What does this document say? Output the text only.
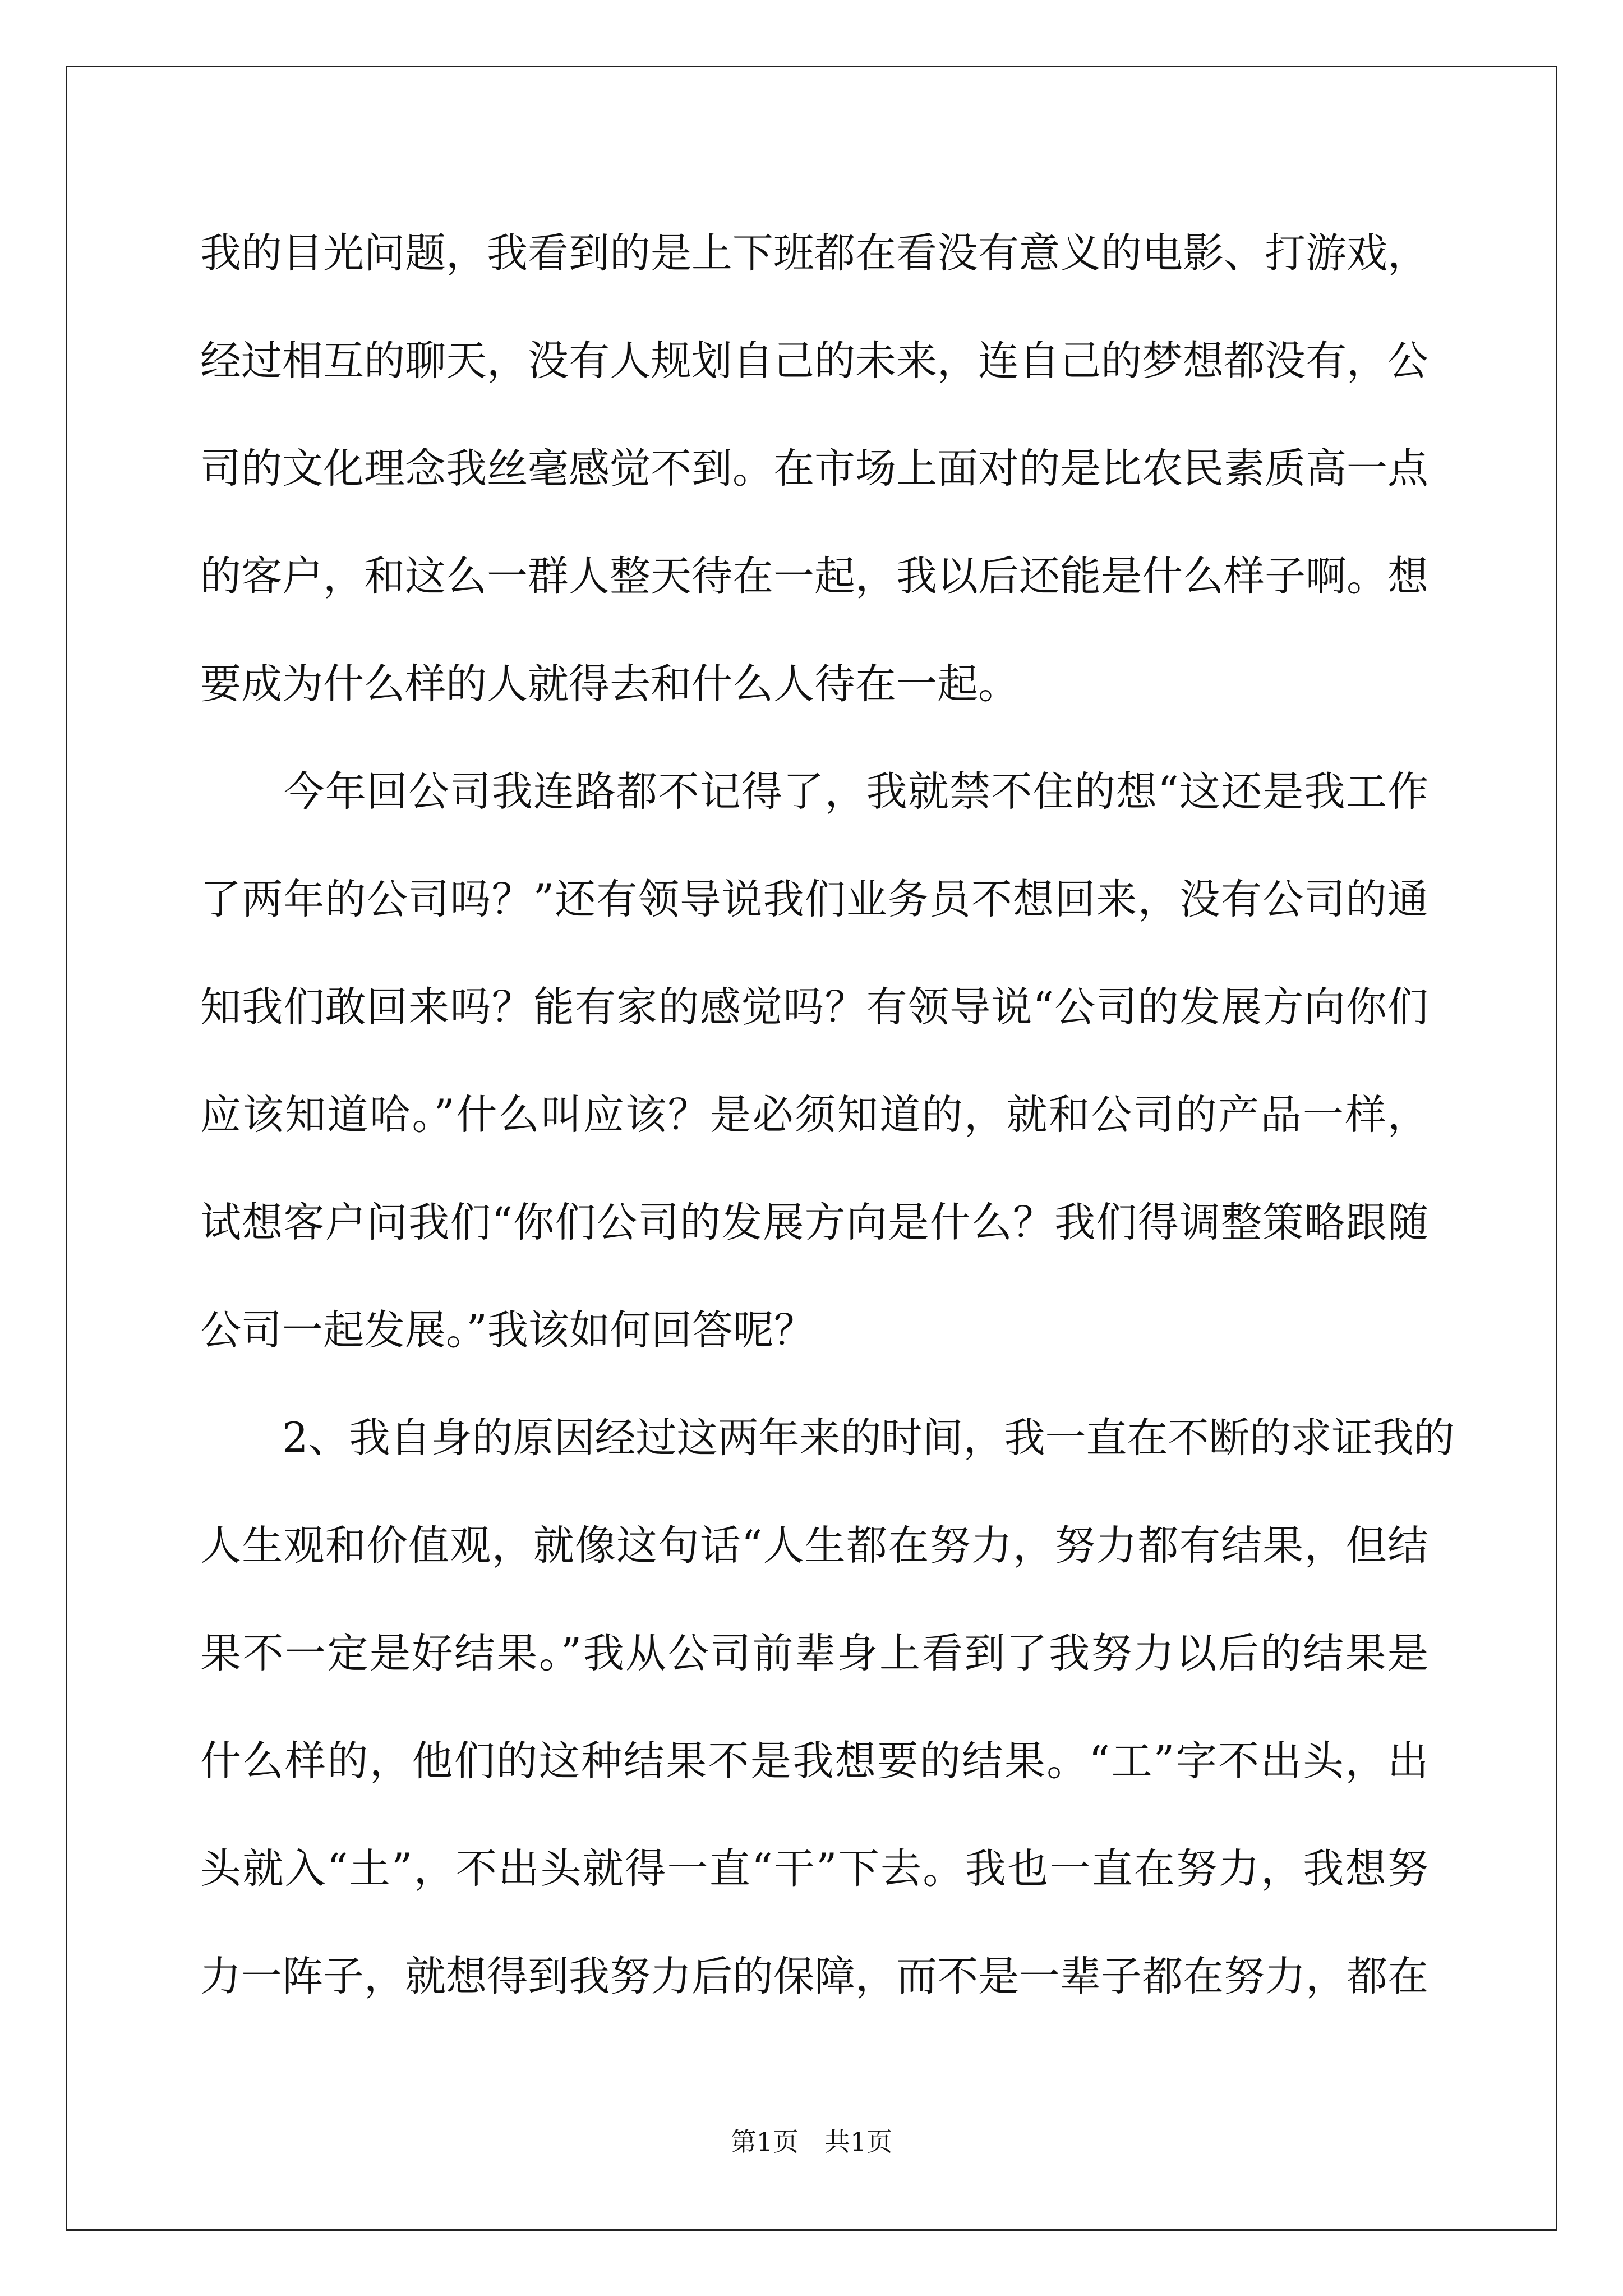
我的目光问题，我看到的是上下班都在看没有意义的电影、打游戏，
经过相互的聊天，没有人规划自己的未来，连自己的梦想都没有，公
司的文化理念我丝毫感觉不到。在市场上面对的是比农民素质高一点
的客户，和这么一群人整天待在一起，我以后还能是什么样子啊。想
要成为什么样的人就得去和什么人待在一起。
　　今年回公司我连路都不记得了，我就禁不住的想“这还是我工作
了两年的公司吗？”还有领导说我们业务员不想回来，没有公司的通
知我们敢回来吗？能有家的感觉吗？有领导说“公司的发展方向你们
应该知道哈。”什么叫应该？是必须知道的，就和公司的产品一样，
试想客户问我们“你们公司的发展方向是什么？我们得调整策略跟随
公司一起发展。”我该如何回答呢？
　　2、我自身的原因经过这两年来的时间，我一直在不断的求证我的
人生观和价值观，就像这句话“人生都在努力，努力都有结果，但结
果不一定是好结果。”我从公司前辈身上看到了我努力以后的结果是
什么样的，他们的这种结果不是我想要的结果。“工”字不出头，出
头就入“土”，不出头就得一直“干”下去。我也一直在努力，我想努
力一阵子，就想得到我努力后的保障，而不是一辈子都在努力，都在
第1页　共1页
